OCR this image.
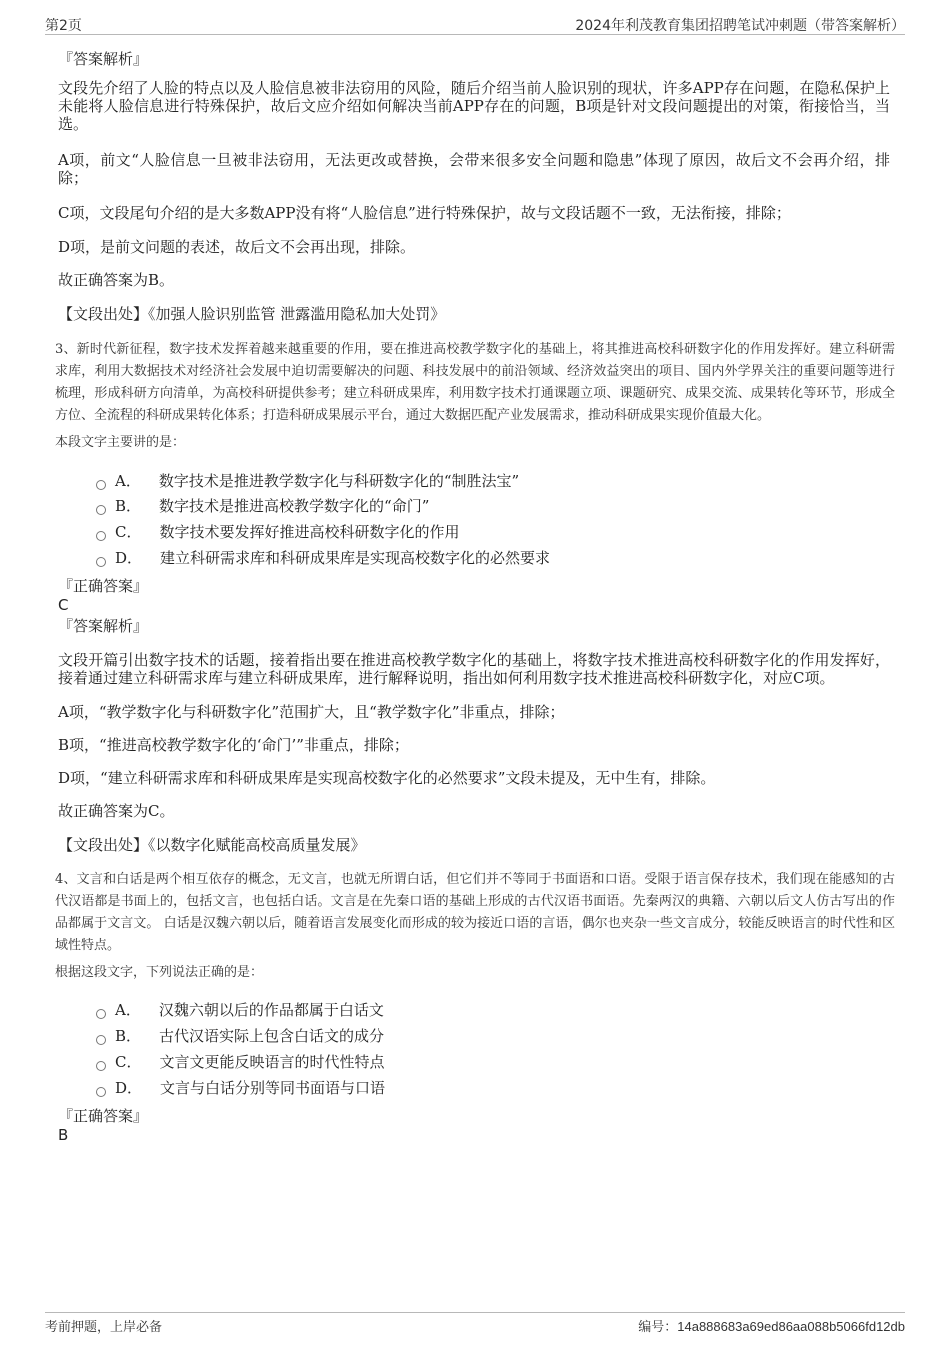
第2页	2024年利茂教育集团招聘笔试冲刺题（带答案解析）
『答案解析』
文段先介绍了人脸的特点以及人脸信息被非法窃用的风险，随后介绍当前人脸识别的现状，许多APP存在问题，在隐私保护上未能将人脸信息进行特殊保护，故后文应介绍如何解决当前APP存在的问题，B项是针对文段问题提出的对策，衔接恰当，当选。
A项，前文“人脸信息一旦被非法窃用，无法更改或替换，会带来很多安全问题和隐患”体现了原因，故后文不会再介绍，排除；
C项，文段尾句介绍的是大多数APP没有将“人脸信息”进行特殊保护，故与文段话题不一致，无法衔接，排除；
D项，是前文问题的表述，故后文不会再出现，排除。
故正确答案为B。
【文段出处】《加强人脸识别监管 泄露滥用隐私加大处罚》
3、新时代新征程，数字技术发挥着越来越重要的作用，要在推进高校教学数字化的基础上，将其推进高校科研数字化的作用发挥好。建立科研需求库，利用大数据技术对经济社会发展中迫切需要解决的问题、科技发展中的前沿领域、经济效益突出的项目、国内外学界关注的重要问题等进行梳理，形成科研方向清单，为高校科研提供参考；建立科研成果库，利用数字技术打通课题立项、课题研究、成果交流、成果转化等环节，形成全方位、全流程的科研成果转化体系；打造科研成果展示平台，通过大数据匹配产业发展需求，推动科研成果实现价值最大化。
本段文字主要讲的是：
A． 数字技术是推进教学数字化与科研数字化的“制胜法宝”
B． 数字技术是推进高校教学数字化的“命门”
C． 数字技术要发挥好推进高校科研数字化的作用
D． 建立科研需求库和科研成果库是实现高校数字化的必然要求
『正确答案』
C
『答案解析』
文段开篇引出数字技术的话题，接着指出要在推进高校教学数字化的基础上，将数字技术推进高校科研数字化的作用发挥好，接着通过建立科研需求库与建立科研成果库，进行解释说明，指出如何利用数字技术推进高校科研数字化，对应C项。
A项，“教学数字化与科研数字化”范围扩大，且“教学数字化”非重点，排除；
B项，“推进高校教学数字化的‘命门’”非重点，排除；
D项，“建立科研需求库和科研成果库是实现高校数字化的必然要求”文段未提及，无中生有，排除。
故正确答案为C。
【文段出处】《以数字化赋能高校高质量发展》
4、文言和白话是两个相互依存的概念，无文言，也就无所谓白话，但它们并不等同于书面语和口语。受限于语言保存技术，我们现在能感知的古代汉语都是书面上的，包括文言，也包括白话。文言是在先秦口语的基础上形成的古代汉语书面语。先秦两汉的典籍、六朝以后文人仿古写出的作品都属于文言文。 白话是汉魏六朝以后，随着语言发展变化而形成的较为接近口语的言语，偶尔也夹杂一些文言成分，较能反映语言的时代性和区域性特点。
根据这段文字，下列说法正确的是：
A． 汉魏六朝以后的作品都属于白话文
B． 古代汉语实际上包含白话文的成分
C． 文言文更能反映语言的时代性特点
D． 文言与白话分别等同书面语与口语
『正确答案』
B
考前押题，上岸必备	编号：14a888683a69ed86aa088b5066fd12db
